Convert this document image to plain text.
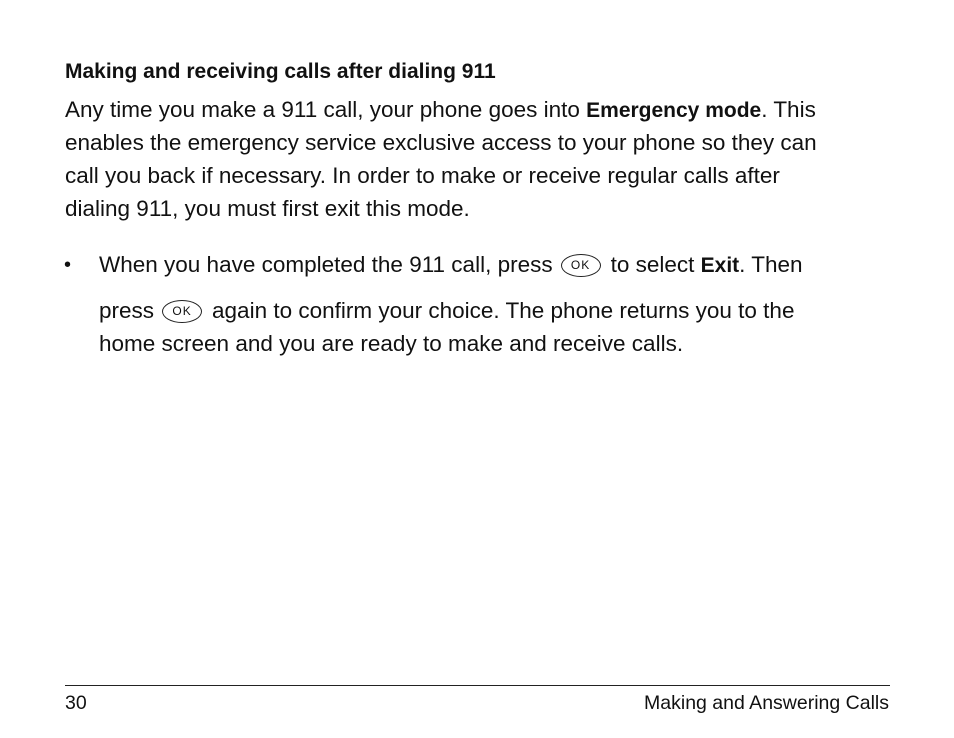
Making and receiving calls after dialing 911
Any time you make a 911 call, your phone goes into Emergency mode. This
enables the emergency service exclusive access to your phone so they can
call you back if necessary. In order to make or receive regular calls after
dialing 911, you must first exit this mode.
• When you have completed the 911 call, press OK to select Exit. Then
press OK again to confirm your choice. The phone returns you to the
home screen and you are ready to make and receive calls.
30	Making and Answering Calls
